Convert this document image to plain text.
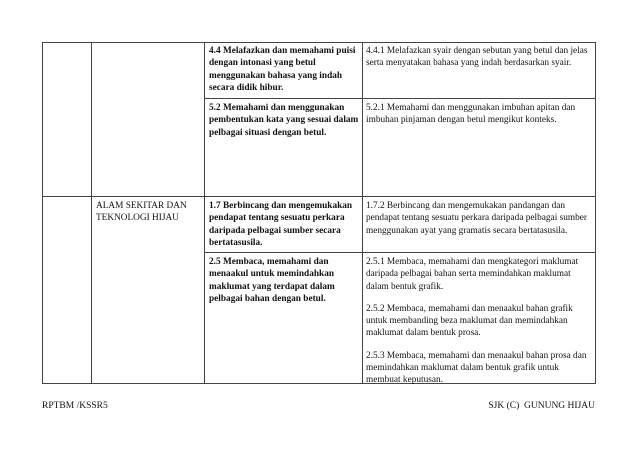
4.4 Melafazkan dan memahami puisi dengan intonasi yang betul menggunakan bahasa yang indah secara didik hibur.
4.4.1 Melafazkan syair dengan sebutan yang betul dan jelas serta menyatakan bahasa yang indah berdasarkan syair.
5.2 Memahami dan menggunakan pembentukan kata yang sesuai dalam pelbagai situasi dengan betul.
5.2.1 Memahami dan menggunakan imbuhan apitan dan imbuhan pinjaman dengan betul mengikut konteks.
ALAM SEKITAR DAN TEKNOLOGI HIJAU
1.7 Berbincang dan mengemukakan pendapat tentang sesuatu perkara daripada pelbagai sumber secara bertatasusila.
1.7.2 Berbincang dan mengemukakan pandangan dan pendapat tentang sesuatu perkara daripada pelbagai sumber menggunakan ayat yang gramatis secara bertatasusila.
2.5 Membaca, memahami dan menaakul untuk memindahkan maklumat yang terdapat dalam pelbagai bahan dengan betul.

2.5.1 Membaca, memahami dan mengkategori maklumat daripada pelbagai bahan serta memindahkan maklumat dalam bentuk grafik.

2.5.2 Membaca, memahami dan menaakul bahan grafik untuk membanding beza maklumat dan memindahkan maklumat dalam bentuk prosa.

2.5.3 Membaca, memahami dan menaakul bahan prosa dan memindahkan maklumat dalam bentuk grafik untuk membuat keputusan.

RPTBM /KSSR5	SJK (C)  GUNUNG HIJAU
